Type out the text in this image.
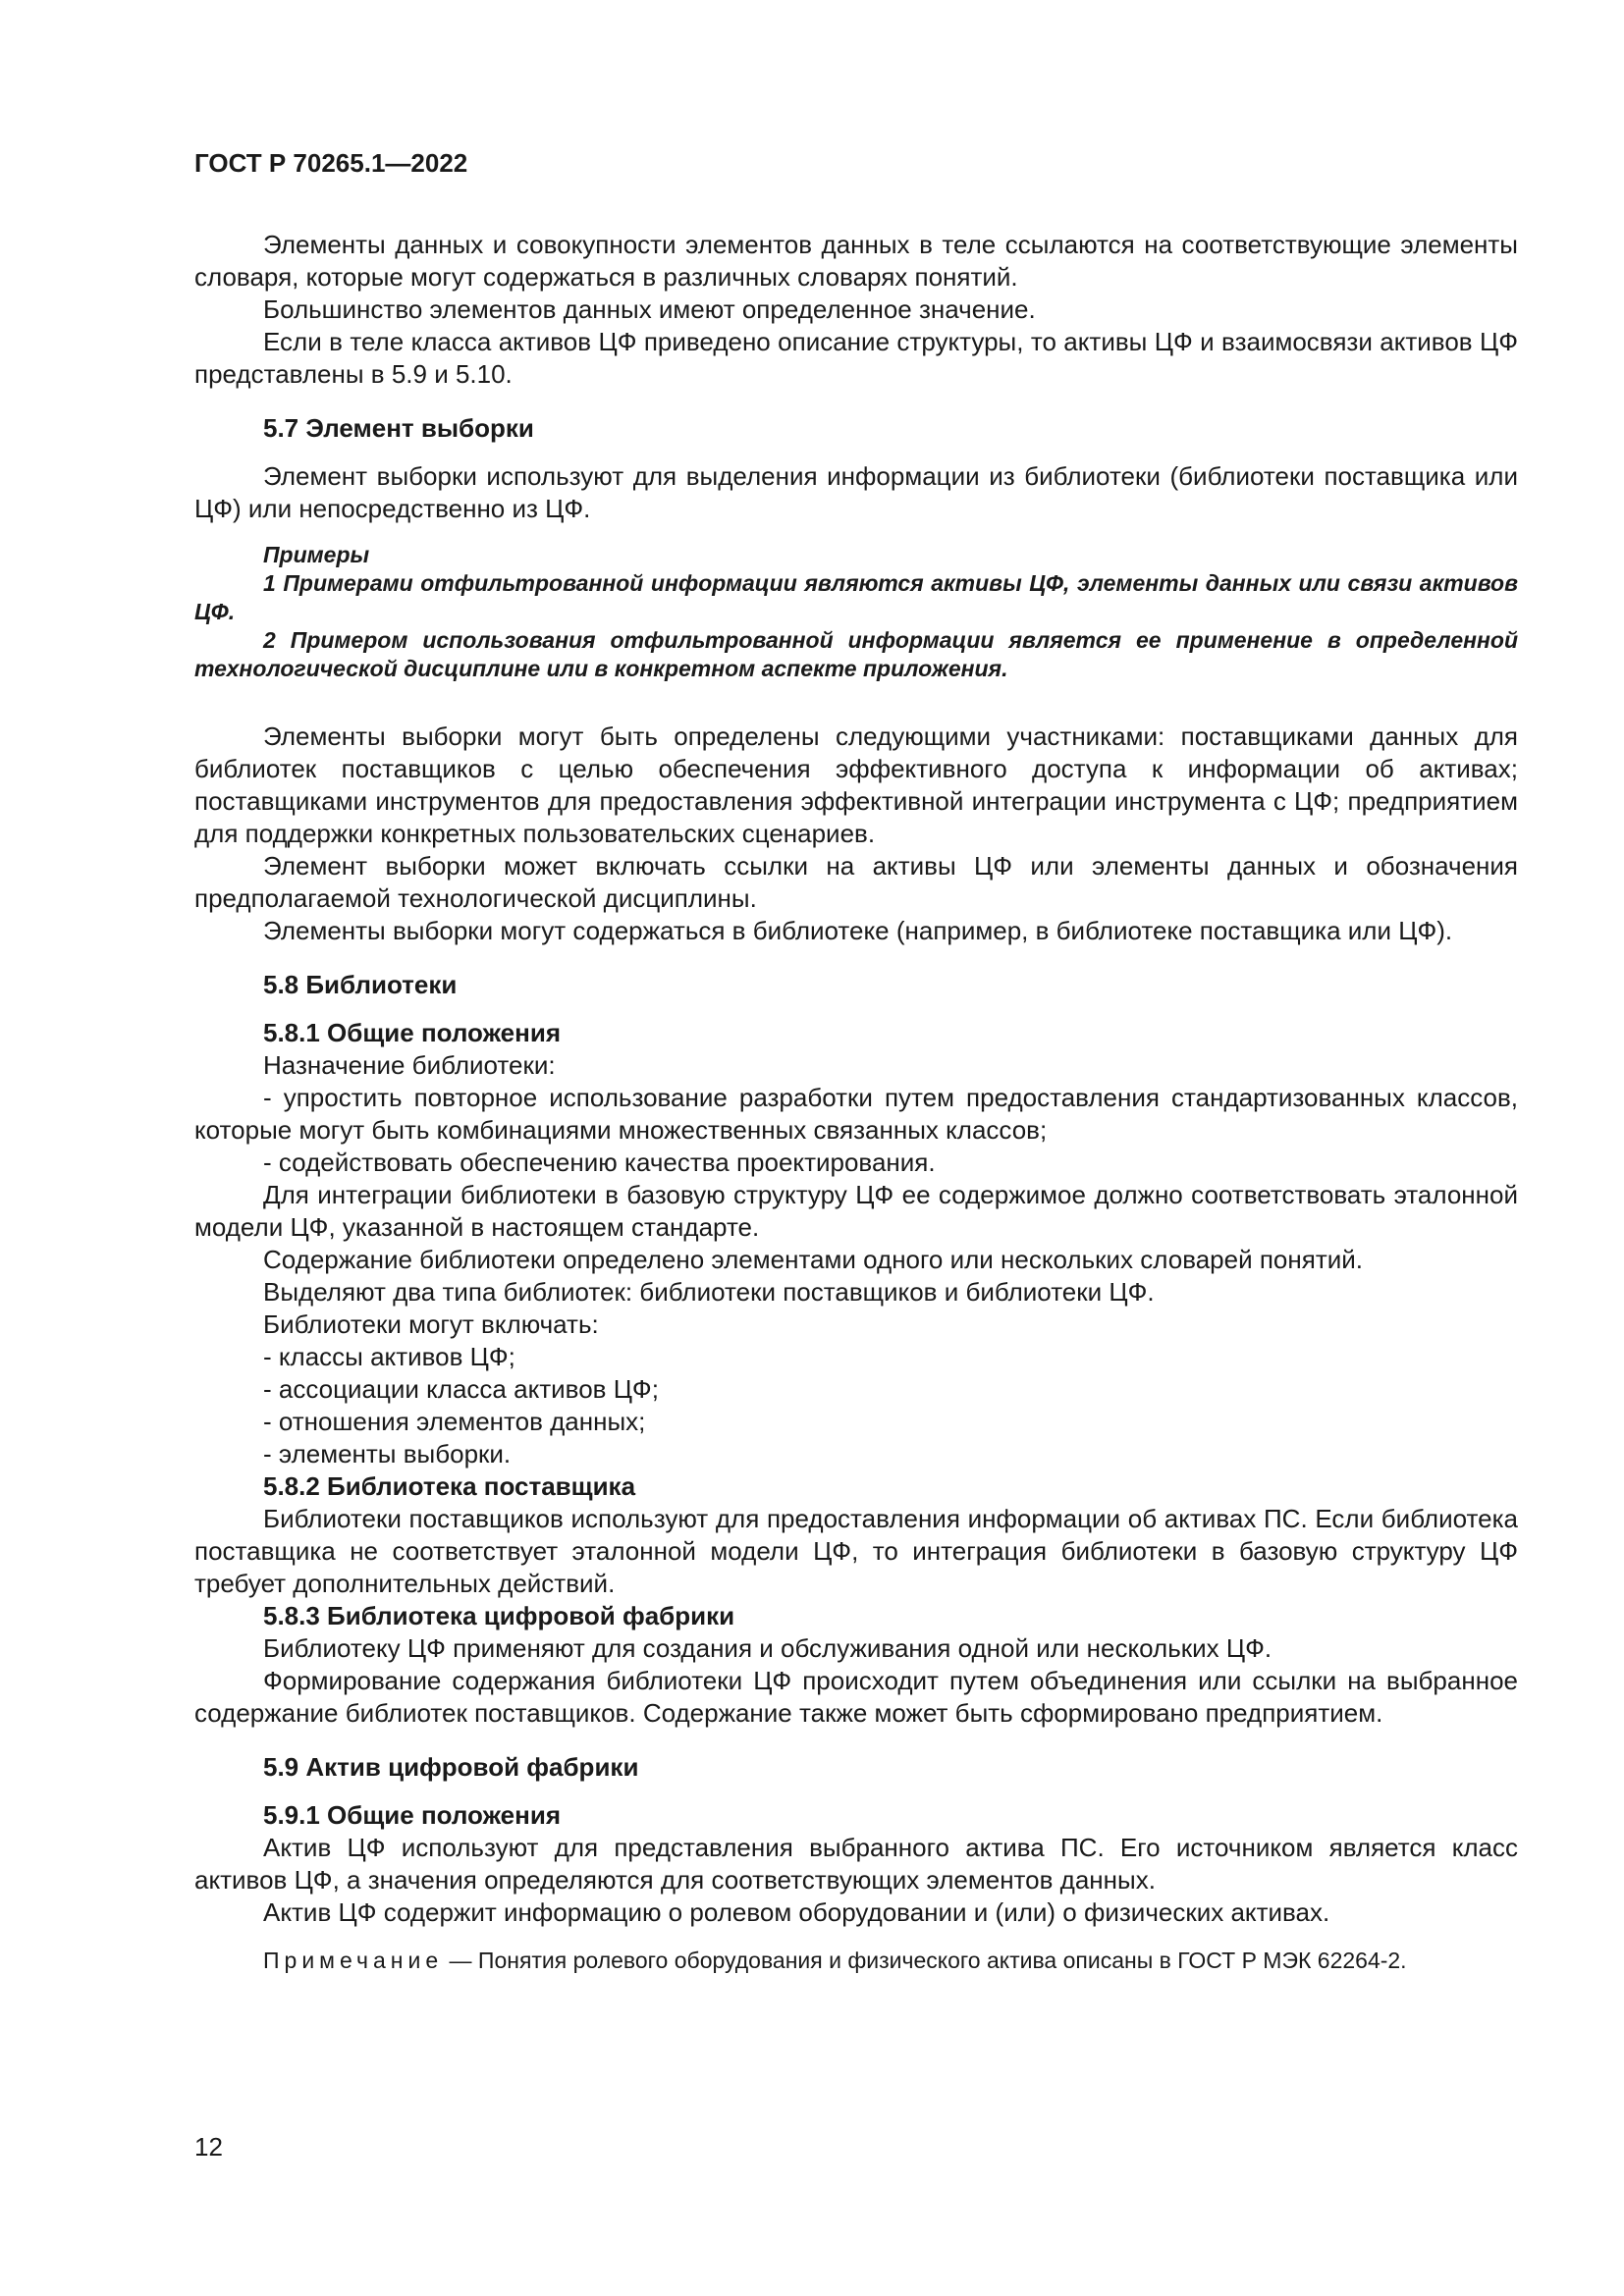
ГОСТ Р 70265.1—2022

Элементы данных и совокупности элементов данных в теле ссылаются на соответствующие элементы словаря, которые могут содержаться в различных словарях понятий.

Большинство элементов данных имеют определенное значение.

Если в теле класса активов ЦФ приведено описание структуры, то активы ЦФ и взаимосвязи активов ЦФ представлены в 5.9 и 5.10.

5.7 Элемент выборки

Элемент выборки используют для выделения информации из библиотеки (библиотеки поставщика или ЦФ) или непосредственно из ЦФ.

Примеры

1 Примерами отфильтрованной информации являются активы ЦФ, элементы данных или связи активов ЦФ.

2 Примером использования отфильтрованной информации является ее применение в определенной технологической дисциплине или в конкретном аспекте приложения.

Элементы выборки могут быть определены следующими участниками: поставщиками данных для библиотек поставщиков с целью обеспечения эффективного доступа к информации об активах; поставщиками инструментов для предоставления эффективной интеграции инструмента с ЦФ; предприятием для поддержки конкретных пользовательских сценариев.

Элемент выборки может включать ссылки на активы ЦФ или элементы данных и обозначения предполагаемой технологической дисциплины.

Элементы выборки могут содержаться в библиотеке (например, в библиотеке поставщика или ЦФ).

5.8 Библиотеки
5.8.1 Общие положения

Назначение библиотеки:

- упростить повторное использование разработки путем предоставления стандартизованных классов, которые могут быть комбинациями множественных связанных классов;

- содействовать обеспечению качества проектирования.

Для интеграции библиотеки в базовую структуру ЦФ ее содержимое должно соответствовать эталонной модели ЦФ, указанной в настоящем стандарте.

Содержание библиотеки определено элементами одного или нескольких словарей понятий.

Выделяют два типа библиотек: библиотеки поставщиков и библиотеки ЦФ.

Библиотеки могут включать:

- классы активов ЦФ;

- ассоциации класса активов ЦФ;

- отношения элементов данных;

- элементы выборки.

5.8.2 Библиотека поставщика

Библиотеки поставщиков используют для предоставления информации об активах ПС. Если библиотека поставщика не соответствует эталонной модели ЦФ, то интеграция библиотеки в базовую структуру ЦФ требует дополнительных действий.

5.8.3 Библиотека цифровой фабрики

Библиотеку ЦФ применяют для создания и обслуживания одной или нескольких ЦФ.

Формирование содержания библиотеки ЦФ происходит путем объединения или ссылки на выбранное содержание библиотек поставщиков. Содержание также может быть сформировано предприятием.

5.9 Актив цифровой фабрики
5.9.1 Общие положения

Актив ЦФ используют для представления выбранного актива ПС. Его источником является класс активов ЦФ, а значения определяются для соответствующих элементов данных.

Актив ЦФ содержит информацию о ролевом оборудовании и (или) о физических активах.

Примечание — Понятия ролевого оборудования и физического актива описаны в ГОСТ Р МЭК 62264-2.

12
